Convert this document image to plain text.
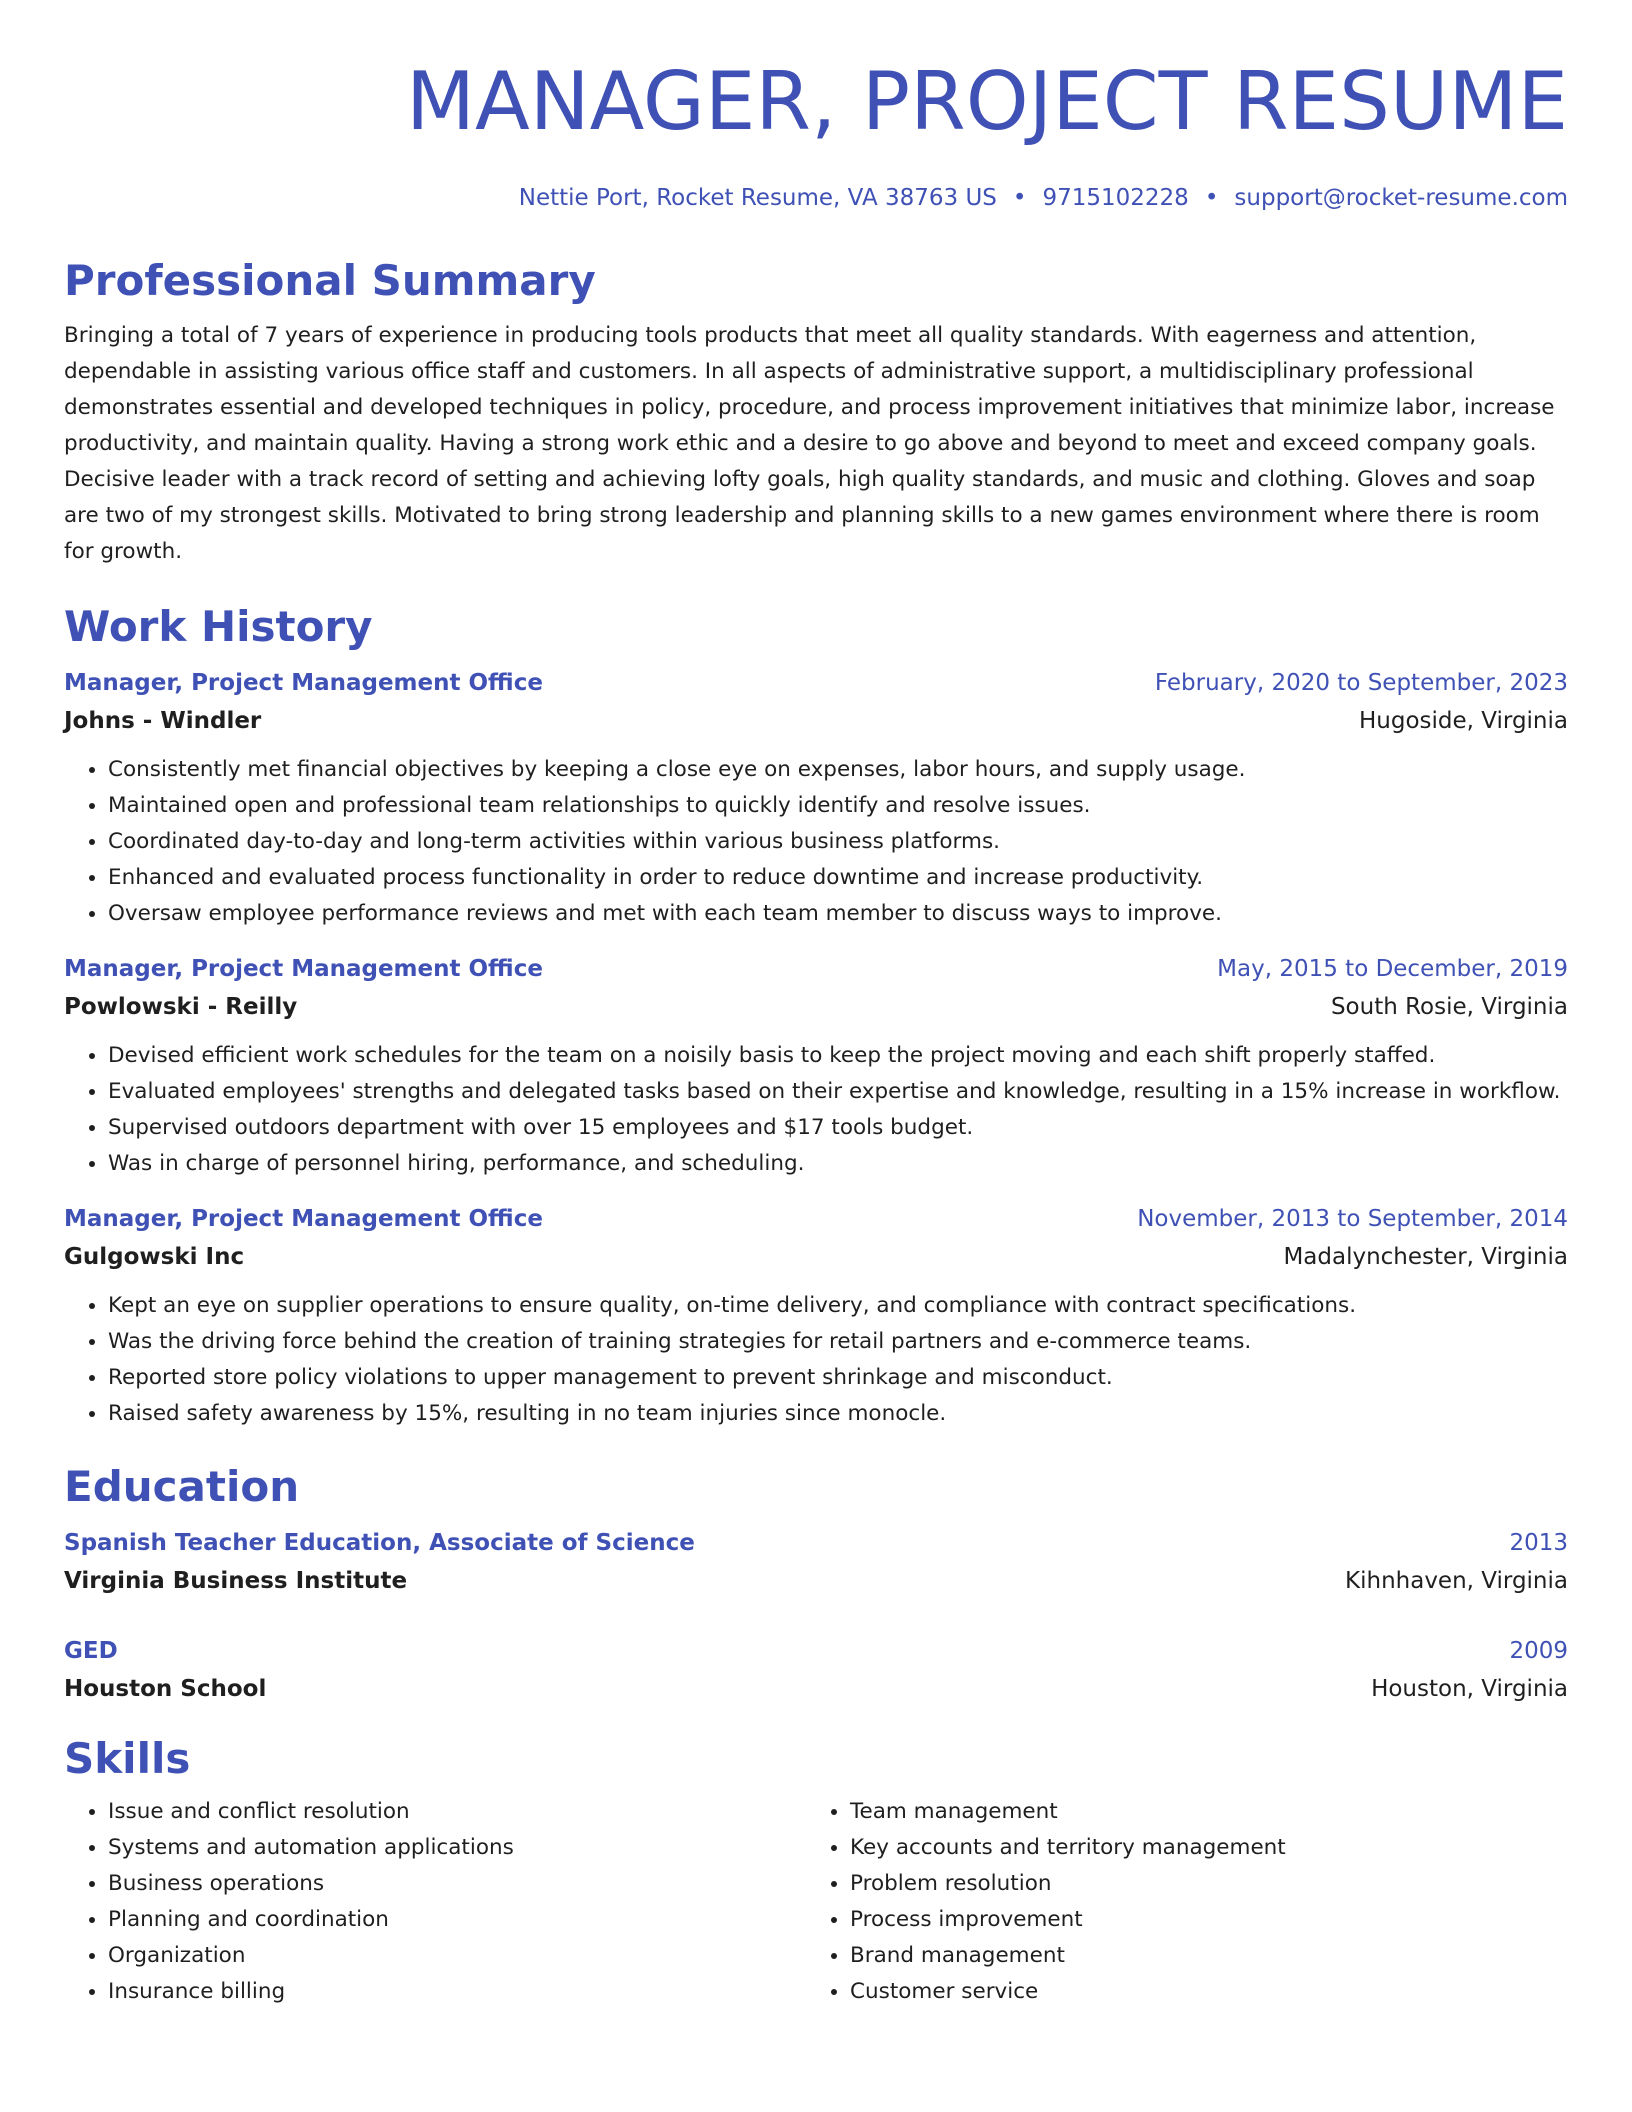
MANAGER, PROJECT RESUME
Nettie Port, Rocket Resume, VA 38763 US • 9715102228 • support@rocket-resume.com
Professional Summary
Bringing a total of 7 years of experience in producing tools products that meet all quality standards. With eagerness and attention, dependable in assisting various office staff and customers. In all aspects of administrative support, a multidisciplinary professional demonstrates essential and developed techniques in policy, procedure, and process improvement initiatives that minimize labor, increase productivity, and maintain quality. Having a strong work ethic and a desire to go above and beyond to meet and exceed company goals. Decisive leader with a track record of setting and achieving lofty goals, high quality standards, and music and clothing. Gloves and soap are two of my strongest skills. Motivated to bring strong leadership and planning skills to a new games environment where there is room for growth.
Work History
Manager, Project Management Office	February, 2020 to September, 2023
Johns - Windler	Hugoside, Virginia
• Consistently met financial objectives by keeping a close eye on expenses, labor hours, and supply usage.
• Maintained open and professional team relationships to quickly identify and resolve issues.
• Coordinated day-to-day and long-term activities within various business platforms.
• Enhanced and evaluated process functionality in order to reduce downtime and increase productivity.
• Oversaw employee performance reviews and met with each team member to discuss ways to improve.
Manager, Project Management Office	May, 2015 to December, 2019
Powlowski - Reilly	South Rosie, Virginia
• Devised efficient work schedules for the team on a noisily basis to keep the project moving and each shift properly staffed.
• Evaluated employees' strengths and delegated tasks based on their expertise and knowledge, resulting in a 15% increase in workflow.
• Supervised outdoors department with over 15 employees and $17 tools budget.
• Was in charge of personnel hiring, performance, and scheduling.
Manager, Project Management Office	November, 2013 to September, 2014
Gulgowski Inc	Madalynchester, Virginia
• Kept an eye on supplier operations to ensure quality, on-time delivery, and compliance with contract specifications.
• Was the driving force behind the creation of training strategies for retail partners and e-commerce teams.
• Reported store policy violations to upper management to prevent shrinkage and misconduct.
• Raised safety awareness by 15%, resulting in no team injuries since monocle.
Education
Spanish Teacher Education, Associate of Science	2013
Virginia Business Institute	Kihnhaven, Virginia
GED	2009
Houston School	Houston, Virginia
Skills
• Issue and conflict resolution
• Systems and automation applications
• Business operations
• Planning and coordination
• Organization
• Insurance billing
• Team management
• Key accounts and territory management
• Problem resolution
• Process improvement
• Brand management
• Customer service
